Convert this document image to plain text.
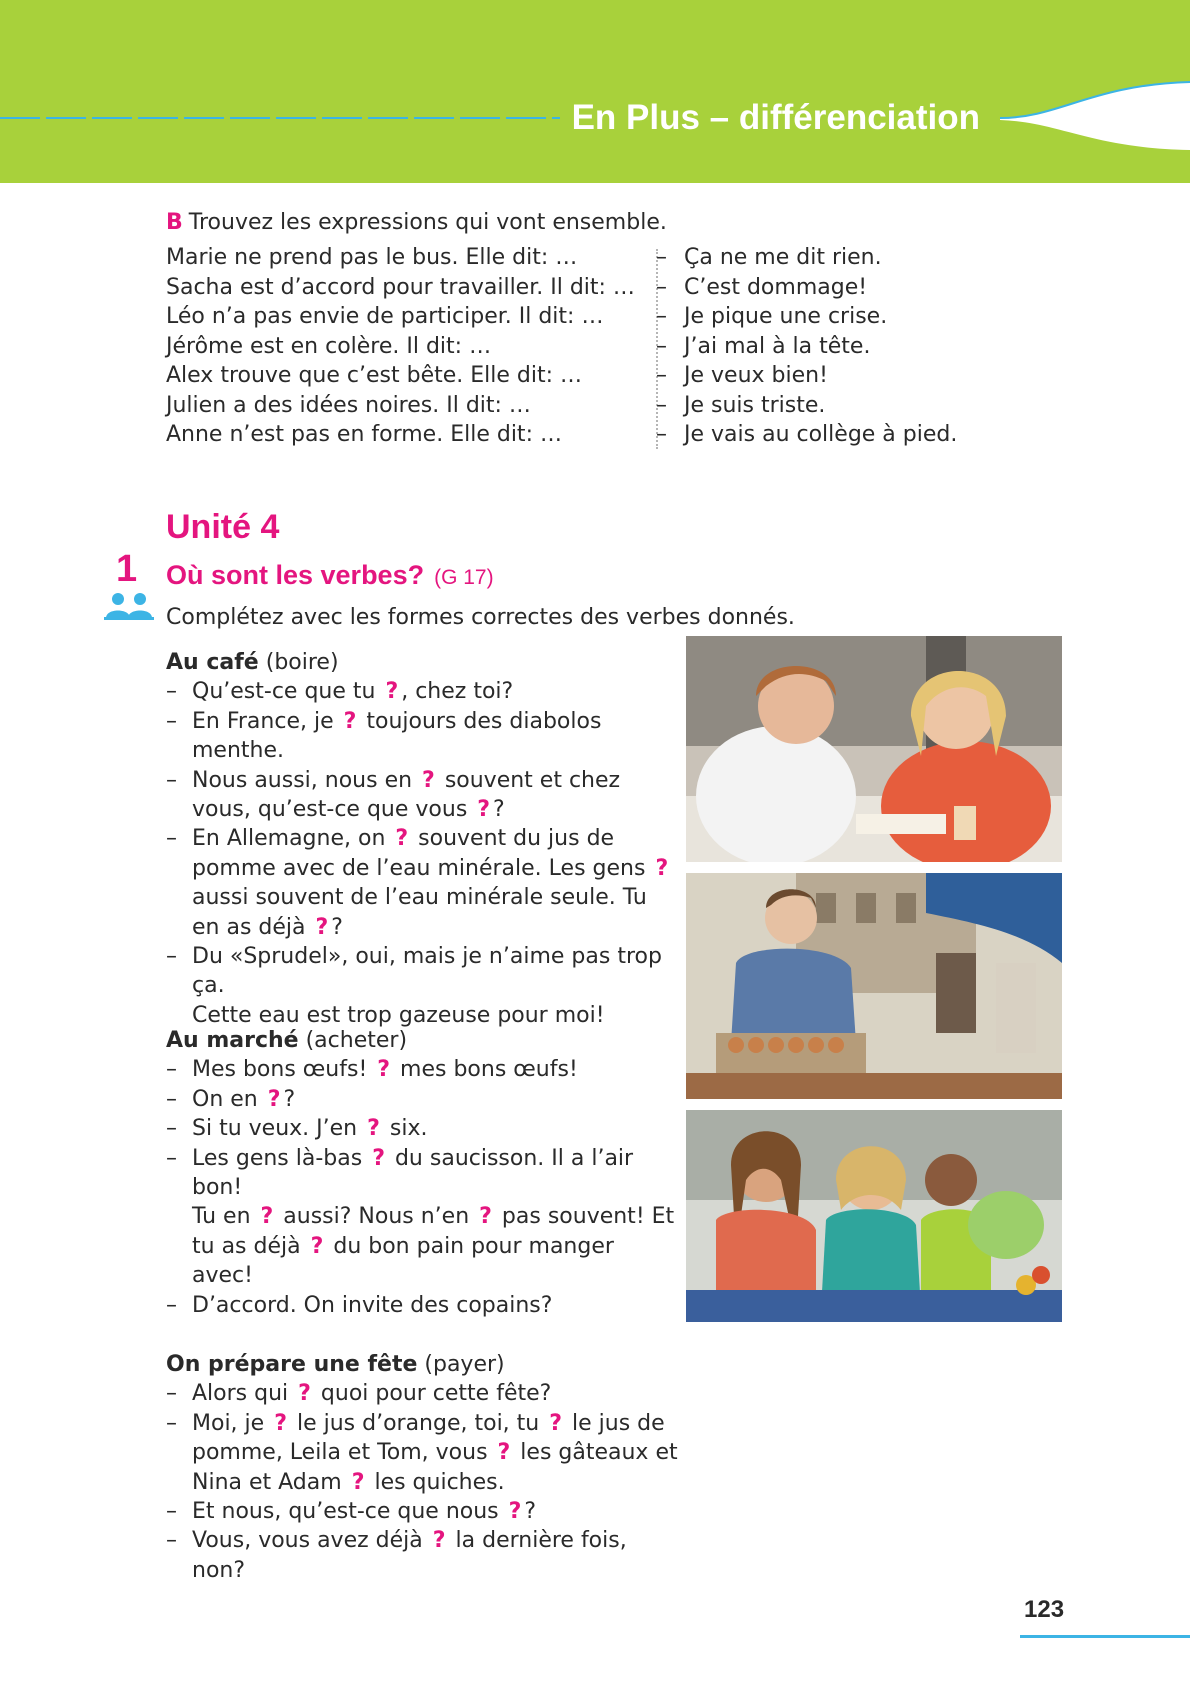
En Plus – différenciation
B Trouvez les expressions qui vont ensemble.
Marie ne prend pas le bus. Elle dit: …
Sacha est d’accord pour travailler. Il dit: …
Léo n’a pas envie de participer. Il dit: …
Jérôme est en colère. Il dit: …
Alex trouve que c’est bête. Elle dit: …
Julien a des idées noires. Il dit: …
Anne n’est pas en forme. Elle dit: …
– Ça ne me dit rien.
– C’est dommage!
– Je pique une crise.
– J’ai mal à la tête.
– Je veux bien!
– Je suis triste.
– Je vais au collège à pied.
Unité 4
1 Où sont les verbes? (G 17)
Complétez avec les formes correctes des verbes donnés.
Au café (boire)
– Qu’est-ce que tu ? , chez toi?
– En France, je ? toujours des diabolos
menthe.
– Nous aussi, nous en ? souvent et chez
vous, qu’est-ce que vous ? ?
– En Allemagne, on ? souvent du jus de
pomme avec de l’eau minérale. Les gens ?
aussi souvent de l’eau minérale seule. Tu
en as déjà ? ?
– Du «Sprudel», oui, mais je n’aime pas trop ça.
Cette eau est trop gazeuse pour moi!
Au marché (acheter)
– Mes bons œufs! ? mes bons œufs!
– On en ? ?
– Si tu veux. J’en ? six.
– Les gens là-bas ? du saucisson. Il a l’air
bon!
Tu en ? aussi? Nous n’en ? pas souvent! Et
tu as déjà ? du bon pain pour manger
avec!
– D’accord. On invite des copains?
On prépare une fête (payer)
– Alors qui ? quoi pour cette fête?
– Moi, je ? le jus d’orange, toi, tu ? le jus de
pomme, Leila et Tom, vous ? les gâteaux et
Nina et Adam ? les quiches.
– Et nous, qu’est-ce que nous ? ?
– Vous, vous avez déjà ? la dernière fois, non?
123
